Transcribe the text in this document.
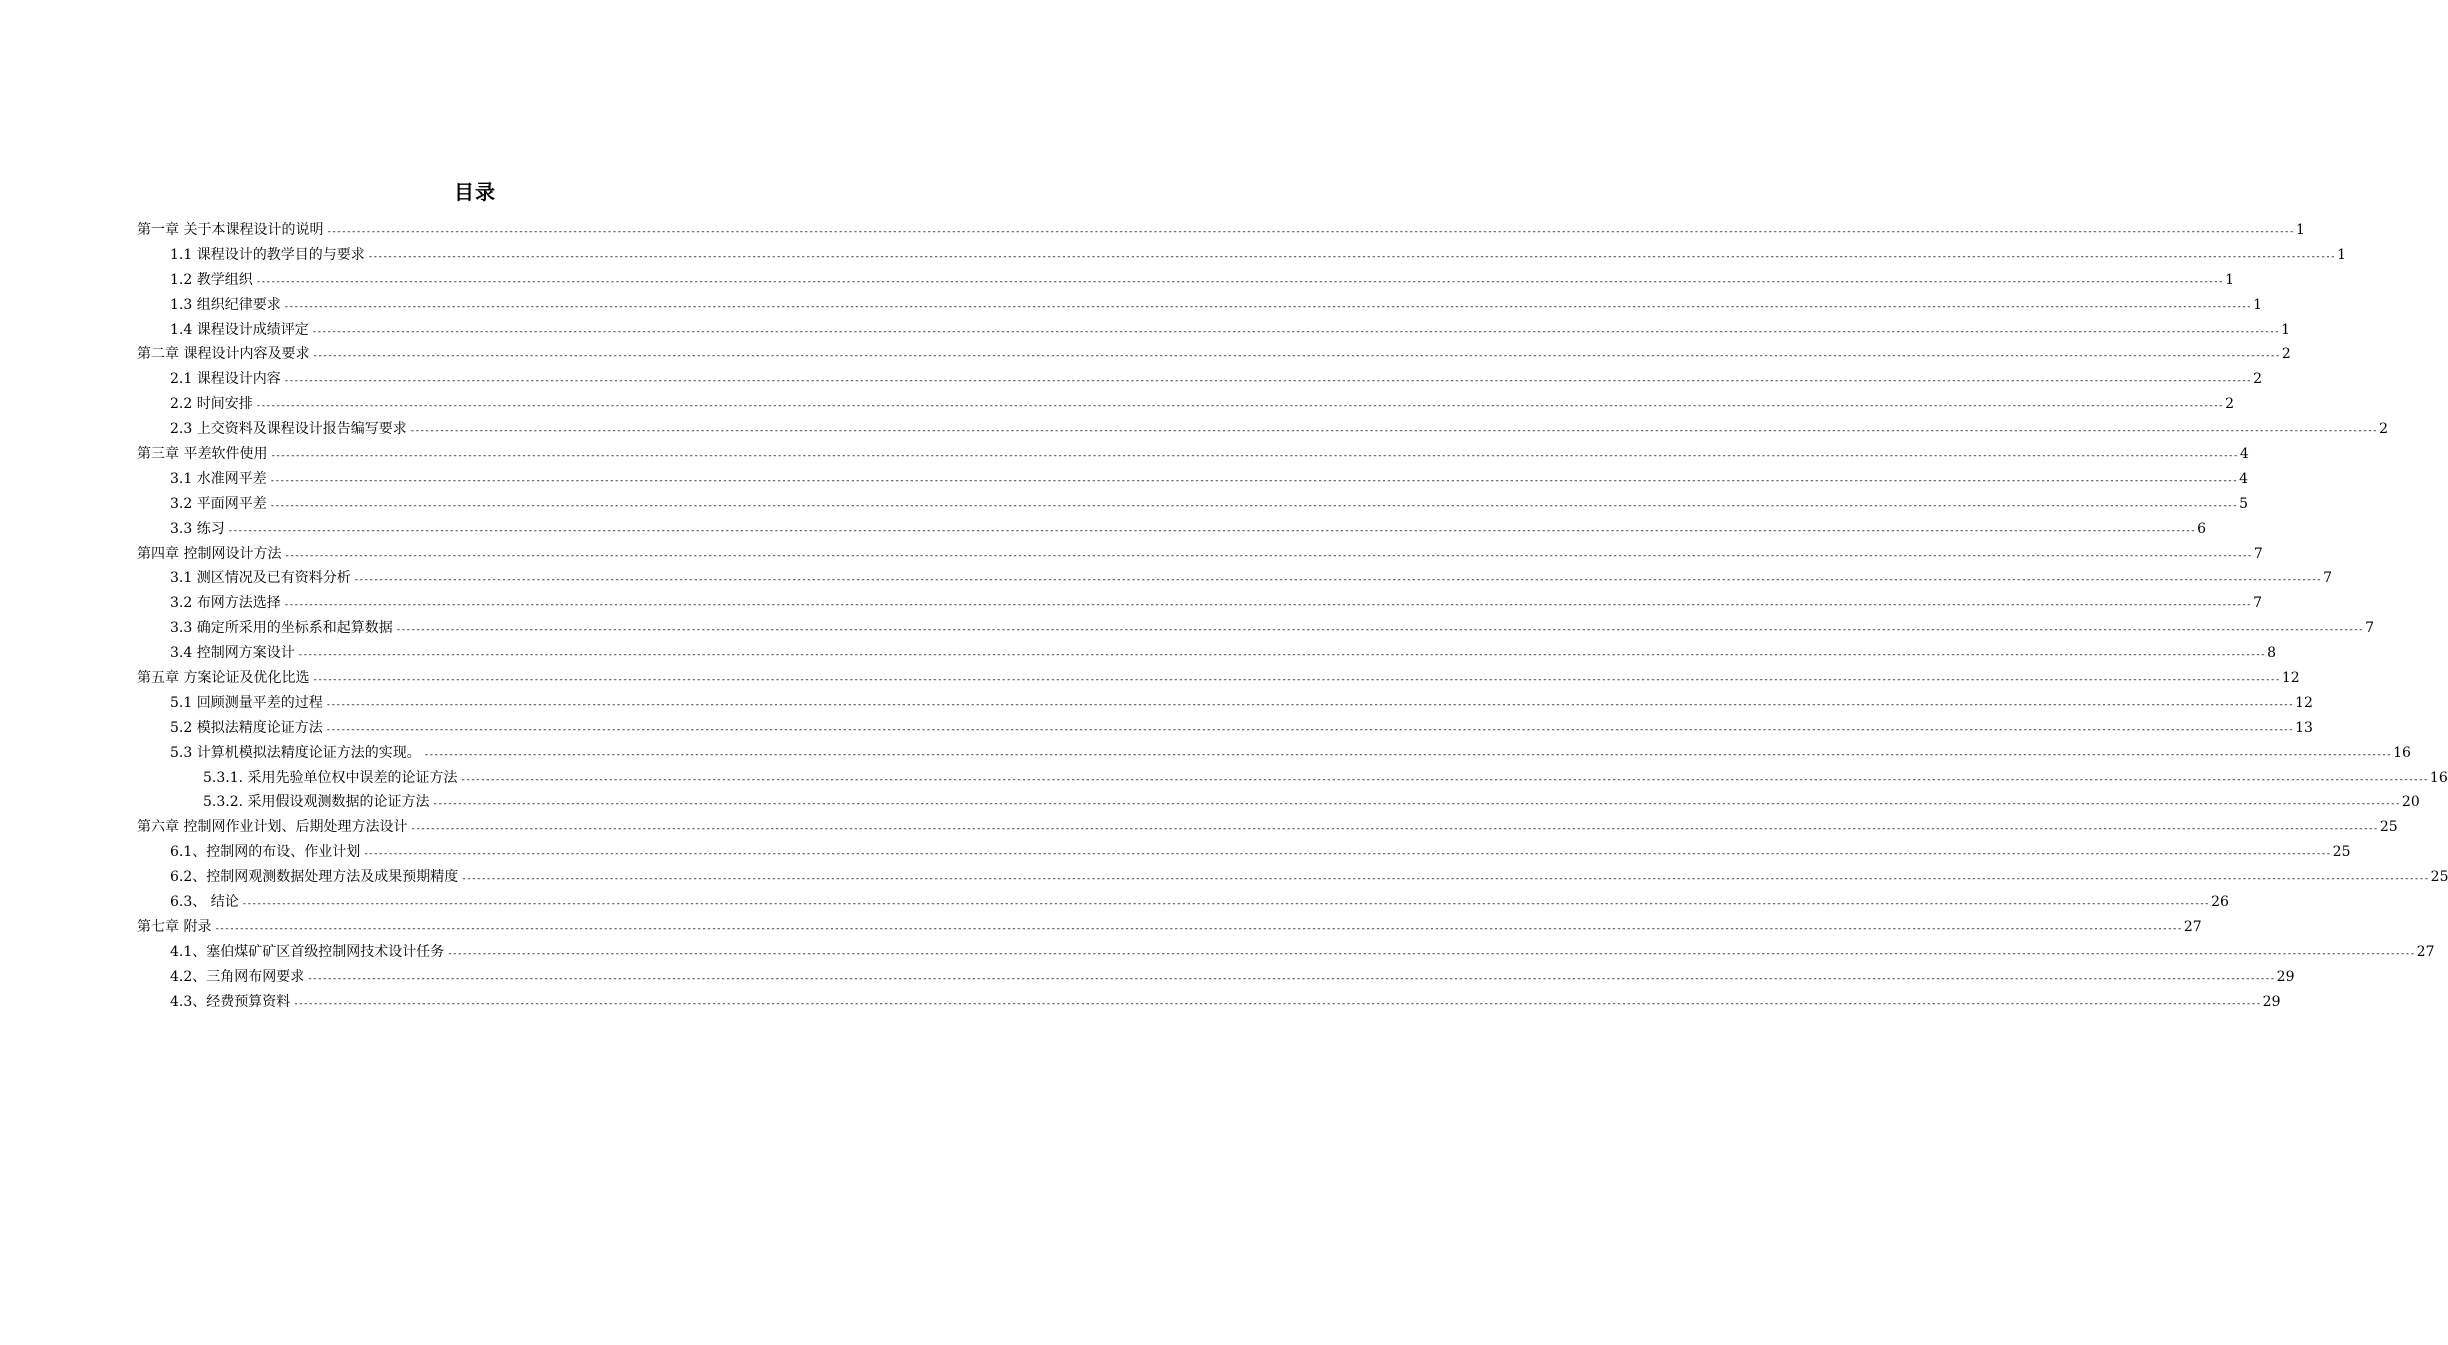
目录
第一章 关于本课程设计的说明 ---------------------------------------------------------------------------------------------------------------------------------------------------------------------------------------------------------------------------------------------------------------------------------------------------------------------------------------------------------------------------------------------------------------- 1
1.1 课程设计的教学目的与要求 ---------------------------------------------------------------------------------------------------------------------------------------------------------------------------------------------------------------------------------------------------------------------------------------------------------------------------------------------------------------------------------------------------------------- 1
1.2 教学组织 ---------------------------------------------------------------------------------------------------------------------------------------------------------------------------------------------------------------------------------------------------------------------------------------------------------------------------------------------------------------------------------------------------------------- 1
1.3 组织纪律要求 ---------------------------------------------------------------------------------------------------------------------------------------------------------------------------------------------------------------------------------------------------------------------------------------------------------------------------------------------------------------------------------------------------------------- 1
1.4 课程设计成绩评定 ---------------------------------------------------------------------------------------------------------------------------------------------------------------------------------------------------------------------------------------------------------------------------------------------------------------------------------------------------------------------------------------------------------------- 1
第二章 课程设计内容及要求 ---------------------------------------------------------------------------------------------------------------------------------------------------------------------------------------------------------------------------------------------------------------------------------------------------------------------------------------------------------------------------------------------------------------- 2
2.1 课程设计内容 ---------------------------------------------------------------------------------------------------------------------------------------------------------------------------------------------------------------------------------------------------------------------------------------------------------------------------------------------------------------------------------------------------------------- 2
2.2 时间安排 ---------------------------------------------------------------------------------------------------------------------------------------------------------------------------------------------------------------------------------------------------------------------------------------------------------------------------------------------------------------------------------------------------------------- 2
2.3 上交资料及课程设计报告编写要求 ---------------------------------------------------------------------------------------------------------------------------------------------------------------------------------------------------------------------------------------------------------------------------------------------------------------------------------------------------------------------------------------------------------------- 2
第三章 平差软件使用 ---------------------------------------------------------------------------------------------------------------------------------------------------------------------------------------------------------------------------------------------------------------------------------------------------------------------------------------------------------------------------------------------------------------- 4
3.1 水准网平差 ---------------------------------------------------------------------------------------------------------------------------------------------------------------------------------------------------------------------------------------------------------------------------------------------------------------------------------------------------------------------------------------------------------------- 4
3.2 平面网平差 ---------------------------------------------------------------------------------------------------------------------------------------------------------------------------------------------------------------------------------------------------------------------------------------------------------------------------------------------------------------------------------------------------------------- 5
3.3 练习 ---------------------------------------------------------------------------------------------------------------------------------------------------------------------------------------------------------------------------------------------------------------------------------------------------------------------------------------------------------------------------------------------------------------- 6
第四章 控制网设计方法 ---------------------------------------------------------------------------------------------------------------------------------------------------------------------------------------------------------------------------------------------------------------------------------------------------------------------------------------------------------------------------------------------------------------- 7
3.1 测区情况及已有资料分析 ---------------------------------------------------------------------------------------------------------------------------------------------------------------------------------------------------------------------------------------------------------------------------------------------------------------------------------------------------------------------------------------------------------------- 7
3.2 布网方法选择 ---------------------------------------------------------------------------------------------------------------------------------------------------------------------------------------------------------------------------------------------------------------------------------------------------------------------------------------------------------------------------------------------------------------- 7
3.3 确定所采用的坐标系和起算数据 ---------------------------------------------------------------------------------------------------------------------------------------------------------------------------------------------------------------------------------------------------------------------------------------------------------------------------------------------------------------------------------------------------------------- 7
3.4 控制网方案设计 ---------------------------------------------------------------------------------------------------------------------------------------------------------------------------------------------------------------------------------------------------------------------------------------------------------------------------------------------------------------------------------------------------------------- 8
第五章 方案论证及优化比选 ---------------------------------------------------------------------------------------------------------------------------------------------------------------------------------------------------------------------------------------------------------------------------------------------------------------------------------------------------------------------------------------------------------------- 12
5.1 回顾测量平差的过程 ---------------------------------------------------------------------------------------------------------------------------------------------------------------------------------------------------------------------------------------------------------------------------------------------------------------------------------------------------------------------------------------------------------------- 12
5.2 模拟法精度论证方法 ---------------------------------------------------------------------------------------------------------------------------------------------------------------------------------------------------------------------------------------------------------------------------------------------------------------------------------------------------------------------------------------------------------------- 13
5.3 计算机模拟法精度论证方法的实现。 ---------------------------------------------------------------------------------------------------------------------------------------------------------------------------------------------------------------------------------------------------------------------------------------------------------------------------------------------------------------------------------------------------------------- 16
5.3.1. 采用先验单位权中误差的论证方法 ---------------------------------------------------------------------------------------------------------------------------------------------------------------------------------------------------------------------------------------------------------------------------------------------------------------------------------------------------------------------------------------------------------------- 16
5.3.2. 采用假设观测数据的论证方法 ---------------------------------------------------------------------------------------------------------------------------------------------------------------------------------------------------------------------------------------------------------------------------------------------------------------------------------------------------------------------------------------------------------------- 20
第六章 控制网作业计划、后期处理方法设计 ---------------------------------------------------------------------------------------------------------------------------------------------------------------------------------------------------------------------------------------------------------------------------------------------------------------------------------------------------------------------------------------------------------------- 25
6.1、控制网的布设、作业计划 ---------------------------------------------------------------------------------------------------------------------------------------------------------------------------------------------------------------------------------------------------------------------------------------------------------------------------------------------------------------------------------------------------------------- 25
6.2、控制网观测数据处理方法及成果预期精度 ---------------------------------------------------------------------------------------------------------------------------------------------------------------------------------------------------------------------------------------------------------------------------------------------------------------------------------------------------------------------------------------------------------------- 25
6.3、 结论 ---------------------------------------------------------------------------------------------------------------------------------------------------------------------------------------------------------------------------------------------------------------------------------------------------------------------------------------------------------------------------------------------------------------- 26
第七章 附录 ---------------------------------------------------------------------------------------------------------------------------------------------------------------------------------------------------------------------------------------------------------------------------------------------------------------------------------------------------------------------------------------------------------------- 27
4.1、塞伯煤矿矿区首级控制网技术设计任务 ---------------------------------------------------------------------------------------------------------------------------------------------------------------------------------------------------------------------------------------------------------------------------------------------------------------------------------------------------------------------------------------------------------------- 27
4.2、三角网布网要求 ---------------------------------------------------------------------------------------------------------------------------------------------------------------------------------------------------------------------------------------------------------------------------------------------------------------------------------------------------------------------------------------------------------------- 29
4.3、经费预算资料 ---------------------------------------------------------------------------------------------------------------------------------------------------------------------------------------------------------------------------------------------------------------------------------------------------------------------------------------------------------------------------------------------------------------- 29
